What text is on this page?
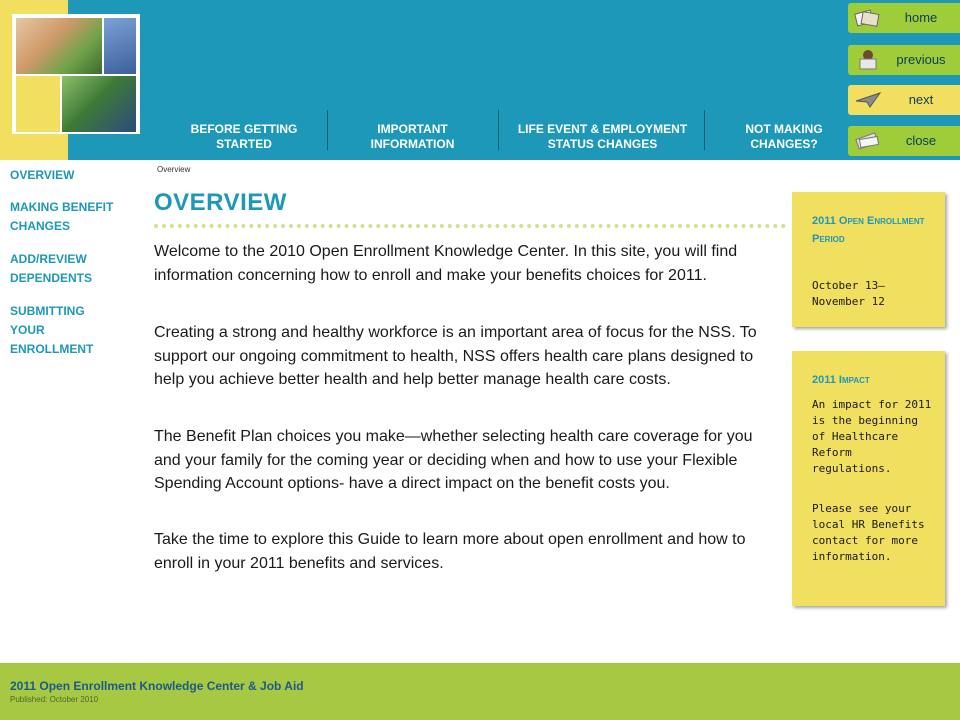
BEFORE GETTING STARTED
IMPORTANT INFORMATION
LIFE EVENT & EMPLOYMENT STATUS CHANGES
NOT MAKING CHANGES?
home
previous
next
close
OVERVIEW
MAKING BENEFIT CHANGES
ADD/REVIEW DEPENDENTS
SUBMITTING YOUR ENROLLMENT
Overview
OVERVIEW

Welcome to the 2010 Open Enrollment Knowledge Center. In this site, you will find information concerning how to enroll and make your benefits choices for 2011.

Creating a strong and healthy workforce is an important area of focus for the NSS. To support our ongoing commitment to health, NSS offers health care plans designed to help you achieve better health and help better manage health care costs.

The Benefit Plan choices you make—whether selecting health care coverage for you and your family for the coming year or deciding when and how to use your Flexible Spending Account options- have a direct impact on the benefit costs you.

Take the time to explore this Guide to learn more about open enrollment and how to enroll in your 2011 benefits and services.

2011 Open Enrollment Period
October 13—November 12
2011 Impact
An impact for 2011 is the beginning of Healthcare Reform regulations.
Please see your local HR Benefits contact for more information.
2011 Open Enrollment Knowledge Center & Job Aid
Published: October 2010
